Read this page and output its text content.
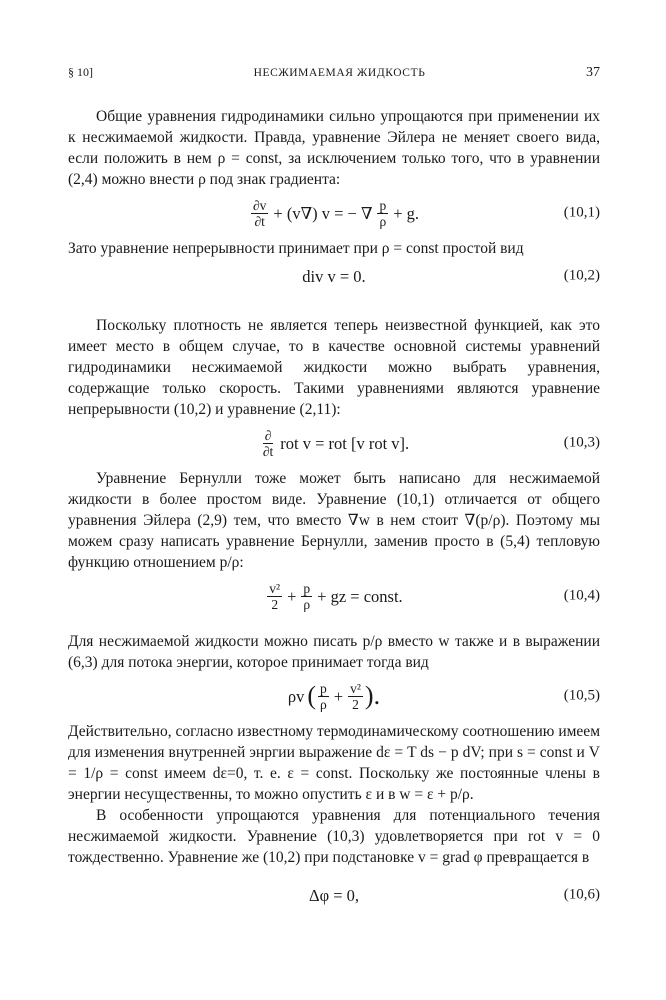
§ 10]	НЕСЖИМАЕМАЯ ЖИДКОСТЬ	37

Общие уравнения гидродинамики сильно упрощаются при применении их к несжимаемой жидкости. Правда, уравнение Эйлера не меняет своего вида, если положить в нем ρ = const, за исключением только того, что в уравнении (2,4) можно внести ρ под знак градиента:

$\frac{\partial v}{\partial t} + (v\nabla) v$ = − ∇ $\frac{p}{\rho} + g$.	(10,1)

Зато уравнение непрерывности принимает при ρ = const простой вид

div v = 0.	(10,2)

Поскольку плотность не является теперь неизвестной функцией, как это имеет место в общем случае, то в качестве основной системы уравнений гидродинамики несжимаемой жидкости можно выбрать уравнения, содержащие только скорость. Такими уравнениями являются уравнение непрерывности (10,2) и уравнение (2,11):

$\frac{\partial}{\partial t}$ rot v = rot [v rot v].	(10,3)

Уравнение Бернулли тоже может быть написано для несжимаемой жидкости в более простом виде. Уравнение (10,1) отличается от общего уравнения Эйлера (2,9) тем, что вместо ∇w в нем стоит ∇(p/ρ). Поэтому мы можем сразу написать уравнение Бернулли, заменив просто в (5,4) тепловую функцию отношением p/ρ:

$\frac{\text{v²}}{2} + \frac{p}{\rho}$ + gz = const.	(10,4)

Для несжимаемой жидкости можно писать p/ρ вместо w также и в выражении (6,3) для потока энергии, которое принимает тогда вид

ρv ( $\frac{p}{\rho} + \frac{\text{v²}}{2}$ ).	(10,5)

Действительно, согласно известному термодинамическому соотношению имеем для изменения внутренней энргии выражение dε = T ds − p dV; при s = const и V = 1/ρ = const имеем dε=0, т. е. ε = const. Поскольку же постоянные члены в энергии несущественны, то можно опустить ε и в w = ε + p/ρ.

В особенности упрощаются уравнения для потенциального течения несжимаемой жидкости. Уравнение (10,3) удовлетворяется при rot v = 0 тождественно. Уравнение же (10,2) при подстановке v = grad φ превращается в

Δφ = 0,	(10,6)
